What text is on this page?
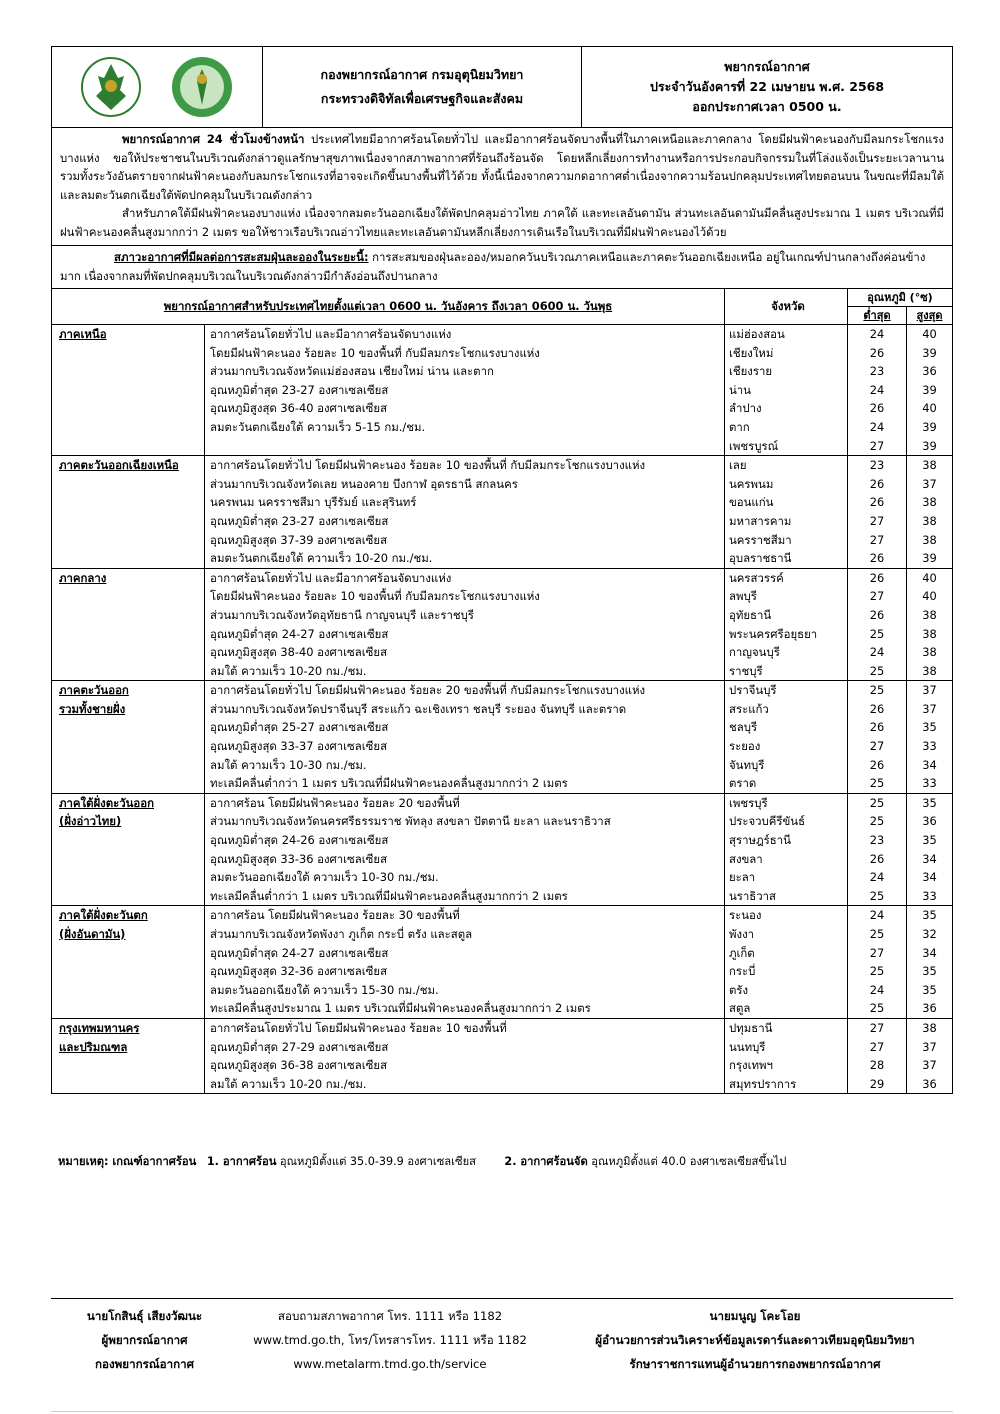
กองพยากรณ์อากาศ กรมอุตุนิยมวิทยา
กระทรวงดิจิทัลเพื่อเศรษฐกิจและสังคม
พยากรณ์อากาศ
ประจำวันอังคารที่ 22 เมษายน พ.ศ. 2568
ออกประกาศเวลา 0500 น.

พยากรณ์อากาศ 24 ชั่วโมงข้างหน้า ประเทศไทยมีอากาศร้อนโดยทั่วไป และมีอากาศร้อนจัดบางพื้นที่ในภาคเหนือและภาคกลาง โดยมีฝนฟ้าคะนองกับมีลมกระโชกแรงบางแห่ง ขอให้ประชาชนในบริเวณดังกล่าวดูแลรักษาสุขภาพเนื่องจากสภาพอากาศที่ร้อนถึงร้อนจัด โดยหลีกเลี่ยงการทำงานหรือการประกอบกิจกรรมในที่โล่งแจ้งเป็นระยะเวลานาน รวมทั้งระวังอันตรายจากฝนฟ้าคะนองกับลมกระโชกแรงที่อาจจะเกิดขึ้นบางพื้นที่ไว้ด้วย ทั้งนี้เนื่องจากความกดอากาศต่ำเนื่องจากความร้อนปกคลุมประเทศไทยตอนบน ในขณะที่มีลมใต้และลมตะวันตกเฉียงใต้พัดปกคลุมในบริเวณดังกล่าว

สำหรับภาคใต้มีฝนฟ้าคะนองบางแห่ง เนื่องจากลมตะวันออกเฉียงใต้พัดปกคลุมอ่าวไทย ภาคใต้ และทะเลอันดามัน ส่วนทะเลอันดามันมีคลื่นสูงประมาณ 1 เมตร บริเวณที่มีฝนฟ้าคะนองคลื่นสูงมากกว่า 2 เมตร ขอให้ชาวเรือบริเวณอ่าวไทยและทะเลอันดามันหลีกเลี่ยงการเดินเรือในบริเวณที่มีฝนฟ้าคะนองไว้ด้วย

สภาวะอากาศที่มีผลต่อการสะสมฝุ่นละอองในระยะนี้: การสะสมของฝุ่นละออง/หมอกควันบริเวณภาคเหนือและภาคตะวันออกเฉียงเหนือ อยู่ในเกณฑ์ปานกลางถึงค่อนข้างมาก เนื่องจากลมที่พัดปกคลุมบริเวณในบริเวณดังกล่าวมีกำลังอ่อนถึงปานกลาง
พยากรณ์อากาศสำหรับประเทศไทยตั้งแต่เวลา 0600 น. วันอังคาร ถึงเวลา 0600 น. วันพุธ		จังหวัด	อุณหภูมิ (°ซ)	
			ต่ำสุด	สูงสุด

ภาคเหนือ	อากาศร้อนโดยทั่วไป และมีอากาศร้อนจัดบางแห่ง	แม่ฮ่องสอน	24	40

	โดยมีฝนฟ้าคะนอง ร้อยละ 10 ของพื้นที่ กับมีลมกระโชกแรงบางแห่ง	เชียงใหม่	26	39

	ส่วนมากบริเวณจังหวัดแม่ฮ่องสอน เชียงใหม่ น่าน และตาก	เชียงราย	23	36

	อุณหภูมิต่ำสุด 23-27 องศาเซลเซียส	น่าน	24	39

	อุณหภูมิสูงสุด 36-40 องศาเซลเซียส	ลำปาง	26	40

	ลมตะวันตกเฉียงใต้ ความเร็ว 5-15 กม./ชม.	ตาก	24	39

		เพชรบูรณ์	27	39

ภาคตะวันออกเฉียงเหนือ	อากาศร้อนโดยทั่วไป โดยมีฝนฟ้าคะนอง ร้อยละ 10 ของพื้นที่ กับมีลมกระโชกแรงบางแห่ง	เลย	23	38

	ส่วนมากบริเวณจังหวัดเลย หนองคาย บึงกาฬ อุดรธานี สกลนคร	นครพนม	26	37

	นครพนม นครราชสีมา บุรีรัมย์ และสุรินทร์	ขอนแก่น	26	38

	อุณหภูมิต่ำสุด 23-27 องศาเซลเซียส	มหาสารคาม	27	38

	อุณหภูมิสูงสุด 37-39 องศาเซลเซียส	นครราชสีมา	27	38

	ลมตะวันตกเฉียงใต้ ความเร็ว 10-20 กม./ชม.	อุบลราชธานี	26	39

ภาคกลาง	อากาศร้อนโดยทั่วไป และมีอากาศร้อนจัดบางแห่ง	นครสวรรค์	26	40

	โดยมีฝนฟ้าคะนอง ร้อยละ 10 ของพื้นที่ กับมีลมกระโชกแรงบางแห่ง	ลพบุรี	27	40

	ส่วนมากบริเวณจังหวัดอุทัยธานี กาญจนบุรี และราชบุรี	อุทัยธานี	26	38

	อุณหภูมิต่ำสุด 24-27 องศาเซลเซียส	พระนครศรีอยุธยา	25	38

	อุณหภูมิสูงสุด 38-40 องศาเซลเซียส	กาญจนบุรี	24	38

	ลมใต้ ความเร็ว 10-20 กม./ชม.	ราชบุรี	25	38

ภาคตะวันออก	อากาศร้อนโดยทั่วไป โดยมีฝนฟ้าคะนอง ร้อยละ 20 ของพื้นที่ กับมีลมกระโชกแรงบางแห่ง	ปราจีนบุรี	25	37

รวมทั้งชายฝั่ง	ส่วนมากบริเวณจังหวัดปราจีนบุรี สระแก้ว ฉะเชิงเทรา ชลบุรี ระยอง จันทบุรี และตราด	สระแก้ว	26	37

	อุณหภูมิต่ำสุด 25-27 องศาเซลเซียส	ชลบุรี	26	35

	อุณหภูมิสูงสุด 33-37 องศาเซลเซียส	ระยอง	27	33

	ลมใต้ ความเร็ว 10-30 กม./ชม.	จันทบุรี	26	34

	ทะเลมีคลื่นต่ำกว่า 1 เมตร บริเวณที่มีฝนฟ้าคะนองคลื่นสูงมากกว่า 2 เมตร	ตราด	25	33

ภาคใต้ฝั่งตะวันออก	อากาศร้อน โดยมีฝนฟ้าคะนอง ร้อยละ 20 ของพื้นที่	เพชรบุรี	25	35

(ฝั่งอ่าวไทย)	ส่วนมากบริเวณจังหวัดนครศรีธรรมราช พัทลุง สงขลา ปัตตานี ยะลา และนราธิวาส	ประจวบคีรีขันธ์	25	36

	อุณหภูมิต่ำสุด 24-26 องศาเซลเซียส	สุราษฎร์ธานี	23	35

	อุณหภูมิสูงสุด 33-36 องศาเซลเซียส	สงขลา	26	34

	ลมตะวันออกเฉียงใต้ ความเร็ว 10-30 กม./ชม.	ยะลา	24	34

	ทะเลมีคลื่นต่ำกว่า 1 เมตร บริเวณที่มีฝนฟ้าคะนองคลื่นสูงมากกว่า 2 เมตร	นราธิวาส	25	33

ภาคใต้ฝั่งตะวันตก	อากาศร้อน โดยมีฝนฟ้าคะนอง ร้อยละ 30 ของพื้นที่	ระนอง	24	35

(ฝั่งอันดามัน)	ส่วนมากบริเวณจังหวัดพังงา ภูเก็ต กระบี่ ตรัง และสตูล	พังงา	25	32

	อุณหภูมิต่ำสุด 24-27 องศาเซลเซียส	ภูเก็ต	27	34

	อุณหภูมิสูงสุด 32-36 องศาเซลเซียส	กระบี่	25	35

	ลมตะวันออกเฉียงใต้ ความเร็ว 15-30 กม./ชม.	ตรัง	24	35

	ทะเลมีคลื่นสูงประมาณ 1 เมตร บริเวณที่มีฝนฟ้าคะนองคลื่นสูงมากกว่า 2 เมตร	สตูล	25	36

กรุงเทพมหานคร	อากาศร้อนโดยทั่วไป โดยมีฝนฟ้าคะนอง ร้อยละ 10 ของพื้นที่	ปทุมธานี	27	38

และปริมณฑล	อุณหภูมิต่ำสุด 27-29 องศาเซลเซียส	นนทบุรี	27	37

	อุณหภูมิสูงสุด 36-38 องศาเซลเซียส	กรุงเทพฯ	28	37

	ลมใต้ ความเร็ว 10-20 กม./ชม.	สมุทรปราการ	29	36
หมายเหตุ: เกณฑ์อากาศร้อน 1. อากาศร้อน อุณหภูมิตั้งแต่ 35.0-39.9 องศาเซลเซียส	2. อากาศร้อนจัด อุณหภูมิตั้งแต่ 40.0 องศาเซลเซียสขึ้นไป
นายโกสินธุ์ เสียงวัฒนะ
ผู้พยากรณ์อากาศ
กองพยากรณ์อากาศ
สอบถามสภาพอากาศ โทร. 1111 หรือ 1182
www.tmd.go.th, โทร/โทรสารโทร. 1111 หรือ 1182
www.metalarm.tmd.go.th/service
นายมนูญ โคะโอย
ผู้อำนวยการส่วนวิเคราะห์ข้อมูลเรดาร์และดาวเทียมอุตุนิยมวิทยา
รักษาราชการแทนผู้อำนวยการกองพยากรณ์อากาศ
